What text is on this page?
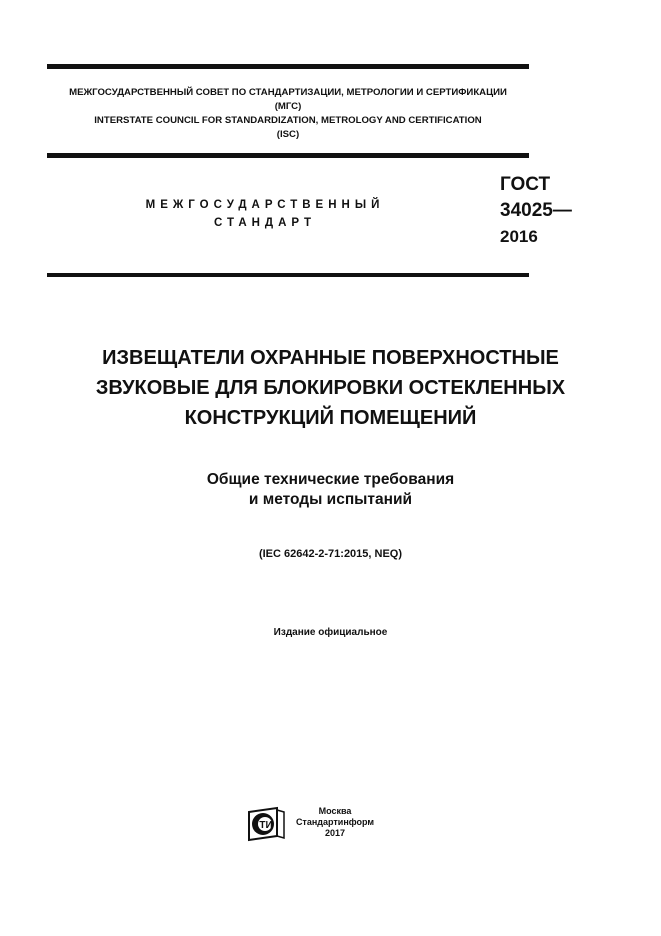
МЕЖГОСУДАРСТВЕННЫЙ СОВЕТ ПО СТАНДАРТИЗАЦИИ, МЕТРОЛОГИИ И СЕРТИФИКАЦИИ
(МГС)
INTERSTATE COUNCIL FOR STANDARDIZATION, METROLOGY AND CERTIFICATION
(ISC)
МЕЖГОСУДАРСТВЕННЫЙ
СТАНДАРТ
ГОСТ
34025—
2016
ИЗВЕЩАТЕЛИ ОХРАННЫЕ ПОВЕРХНОСТНЫЕ
ЗВУКОВЫЕ ДЛЯ БЛОКИРОВКИ ОСТЕКЛЕННЫХ
КОНСТРУКЦИЙ ПОМЕЩЕНИЙ
Общие технические требования
и методы испытаний
(IEC 62642-2-71:2015, NEQ)
Издание официальное
ТИ
Москва
Стандартинформ
2017
